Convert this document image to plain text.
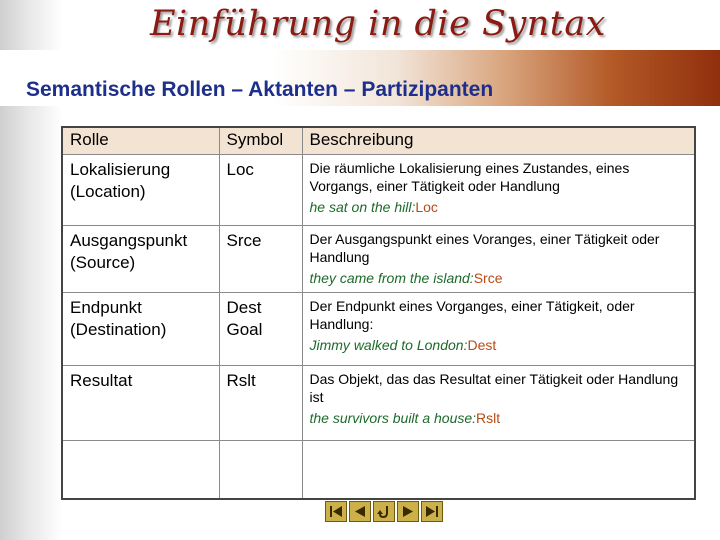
Einführung in die Syntax
Semantische Rollen – Aktanten – Partizipanten
Rolle	Symbol	Beschreibung
Lokalisierung (Location)	Loc	Die räumliche Lokalisierung eines Zustandes, eines Vorgangs, einer Tätigkeit oder Handlung
he sat on the hill:Loc

Ausgangspunkt (Source)	Srce	Der Ausgangspunkt eines Voranges, einer Tätigkeit oder Handlung
they came from the island:Srce

Endpunkt (Destination)	Dest Goal	Der Endpunkt eines Vorganges, einer Tätigkeit, oder Handlung:
Jimmy walked to London:Dest

Resultat	Rslt	Das Objekt, das das Resultat einer Tätigkeit oder Handlung ist
the survivors built a house:Rslt
